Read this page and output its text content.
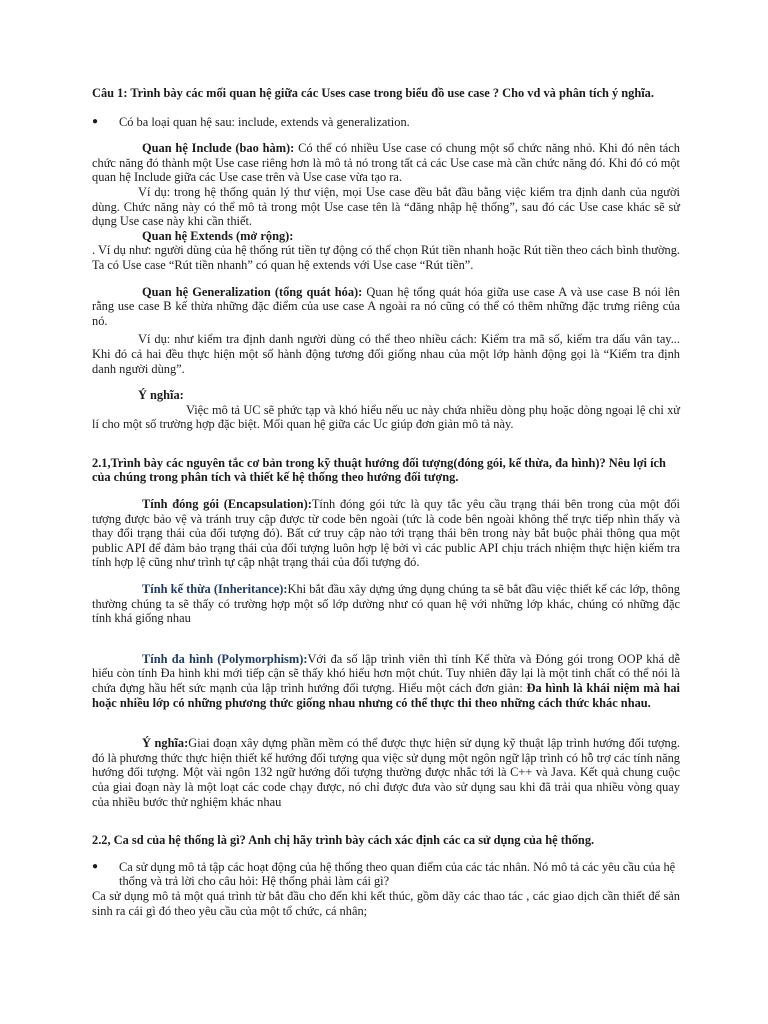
Câu 1: Trình bày các mối quan hệ giữa các Uses case trong biểu đồ use case ? Cho vd và phân tích ý nghĩa.

●	Có ba loại quan hệ sau: include, extends và generalization.

Quan hệ Include (bao hàm): Có thể có nhiều Use case có chung một số chức năng nhỏ. Khi đó nên tách chức năng đó thành một Use case riêng hơn là mô tả nó trong tất cả các Use case mà cần chức năng đó. Khi đó có một quan hệ Include giữa các Use case trên và Use case vừa tạo ra.

Ví dụ: trong hệ thống quản lý thư viện, mọi Use case đều bắt đầu bằng việc kiểm tra định danh của người dùng. Chức năng này có thể mô tả trong một Use case tên là “đăng nhập hệ thống”, sau đó các Use case khác sẽ sử dụng Use case này khi cần thiết.

Quan hệ Extends (mở rộng):

. Ví dụ như: người dùng của hệ thống rút tiền tự động có thể chọn Rút tiền nhanh hoặc Rút tiền theo cách bình thường. Ta có Use case “Rút tiền nhanh” có quan hệ extends với Use case “Rút tiền”.

Quan hệ Generalization (tổng quát hóa): Quan hệ tổng quát hóa giữa use case A và use case B nói lên rằng use case B kế thừa những đặc điểm của use case A ngoài ra nó cũng có thể có thêm những đặc trưng riêng của nó.

Ví dụ: như kiểm tra định danh người dùng có thể theo nhiều cách: Kiểm tra mã số, kiểm tra dấu vân tay... Khi đó cả hai đều thực hiện một số hành động tương đối giống nhau của một lớp hành động gọi là “Kiểm tra định danh người dùng”.

Ý nghĩa:

Việc mô tả UC sẽ phức tạp và khó hiểu nếu uc này chứa nhiều dòng phụ hoặc dòng ngoại lệ chỉ xử lí cho một số trường hợp đặc biệt. Mối quan hệ giữa các Uc giúp đơn giản mô tả này.

2.1,Trình bày các nguyên tắc cơ bản trong kỹ thuật hướng đối tượng(đóng gói, kế thừa, đa hình)? Nêu lợi ích của chúng trong phân tích và thiết kế hệ thống theo hướng đối tượng.

Tính đóng gói (Encapsulation):Tính đóng gói tức là quy tắc yêu cầu trạng thái bên trong của một đối tượng được bảo vệ và tránh truy cập được từ code bên ngoài (tức là code bên ngoài không thể trực tiếp nhìn thấy và thay đổi trạng thái của đối tượng đó). Bất cứ truy cập nào tới trạng thái bên trong này bắt buộc phải thông qua một public API để đảm bảo trạng thái của đối tượng luôn hợp lệ bởi vì các public API chịu trách nhiệm thực hiện kiểm tra tính hợp lệ cũng như trình tự cập nhật trạng thái của đối tượng đó.

Tính kế thừa (Inheritance):Khi bắt đầu xây dựng ứng dụng chúng ta sẽ bắt đầu việc thiết kế các lớp, thông thường chúng ta sẽ thấy có trường hợp một số lớp dường như có quan hệ với những lớp khác, chúng có những đặc tính khá giống nhau

Tính đa hình (Polymorphism):Với đa số lập trình viên thì tính Kế thừa và Đóng gói trong OOP khá dễ hiểu còn tính Đa hình khi mới tiếp cận sẽ thấy khó hiểu hơn một chút. Tuy nhiên đây lại là một tinh chất có thể nói là chứa đựng hầu hết sức mạnh của lập trình hướng đối tượng. Hiểu một cách đơn giản: Đa hình là khái niệm mà hai hoặc nhiều lớp có những phương thức giống nhau nhưng có thể thực thi theo những cách thức khác nhau.

Ý nghĩa:Giai đoạn xây dựng phần mềm có thể được thực hiện sử dụng kỹ thuật lập trình hướng đối tượng. đó là phương thức thực hiện thiết kế hướng đối tượng qua việc sử dụng một ngôn ngữ lập trình có hỗ trợ các tính năng hướng đối tượng. Một vài ngôn 132 ngữ hướng đối tượng thường được nhắc tới là C++ và Java. Kết quả chung cuộc của giai đoạn này là một loạt các code chạy được, nó chỉ được đưa vào sử dụng sau khi đã trải qua nhiều vòng quay của nhiều bước thử nghiệm khác nhau

2.2, Ca sd của hệ thống là gì? Anh chị hãy trình bày cách xác định các ca sử dụng của hệ thống.

●	Ca sử dụng mô tả tập các hoạt động của hệ thống theo quan điểm của các tác nhân. Nó mô tả các yêu cầu của hệ thống và trả lời cho câu hỏi: Hệ thống phải làm cái gì?

Ca sử dụng mô tả một quá trình từ bắt đầu cho đến khi kết thúc, gồm dãy các thao tác , các giao dịch cần thiết để sản sinh ra cái gì đó theo yêu cầu của một tổ chức, cá nhân;
